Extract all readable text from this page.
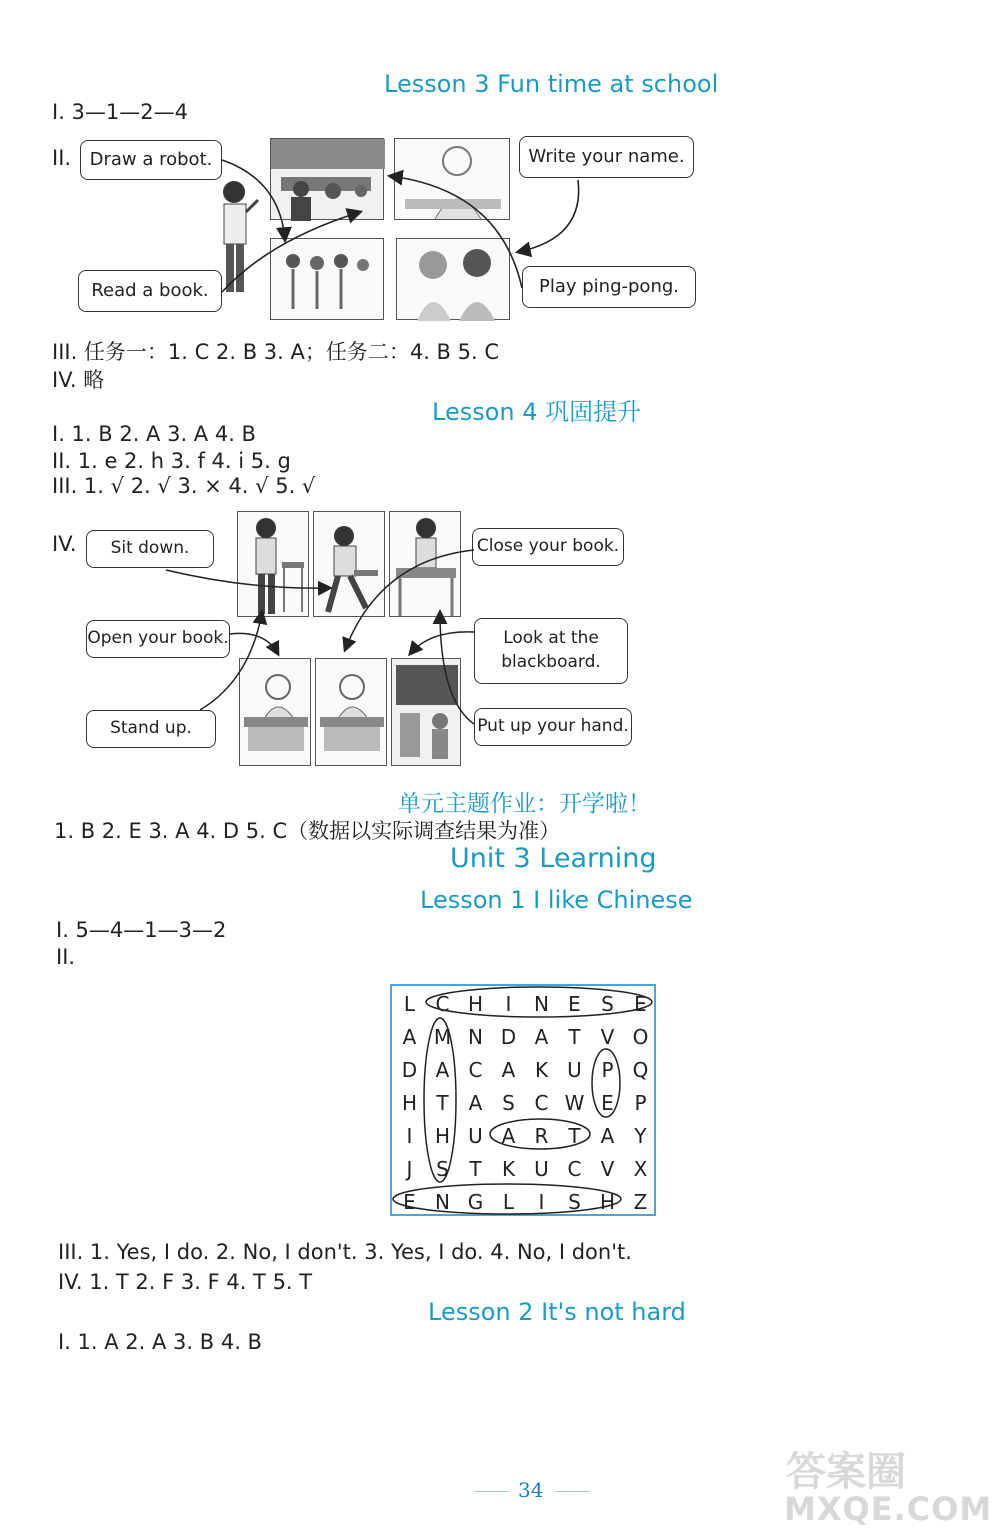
Lesson 3 Fun time at school
I. 3—1—2—4
II.	Draw a robot.	Write your name.
Read a book.	Play ping-pong.
III. 任务一：1. C 2. B 3. A；任务二：4. B 5. C
IV. 略
Lesson 4 巩固提升
I. 1. B 2. A 3. A 4. B
II. 1. e 2. h 3. f 4. i 5. g
III. 1. √ 2. √ 3. × 4. √ 5. √
IV.	Sit down.	Close your book.
Open your book.	Look at the blackboard.
Stand up.	Put up your hand.
单元主题作业：开学啦！
1. B 2. E 3. A 4. D 5. C（数据以实际调查结果为准）
Unit 3 Learning
Lesson 1 I like Chinese
I. 5—4—1—3—2
II.
L	C H	I	N E	S	E
A M N D A	T	V O
D A C A K U P Q
H T	A S C W E	P
I	H U A R T	A	Y
J	S	T	K U C V X
E N G L	I	S H Z
III. 1. Yes, I do. 2. No, I don't. 3. Yes, I do. 4. No, I don't.
IV. 1. T 2. F 3. F 4. T 5. T
Lesson 2 It's not hard
I. 1. A 2. A 3. B 4. B
34	答案圈
MXQE.COM
